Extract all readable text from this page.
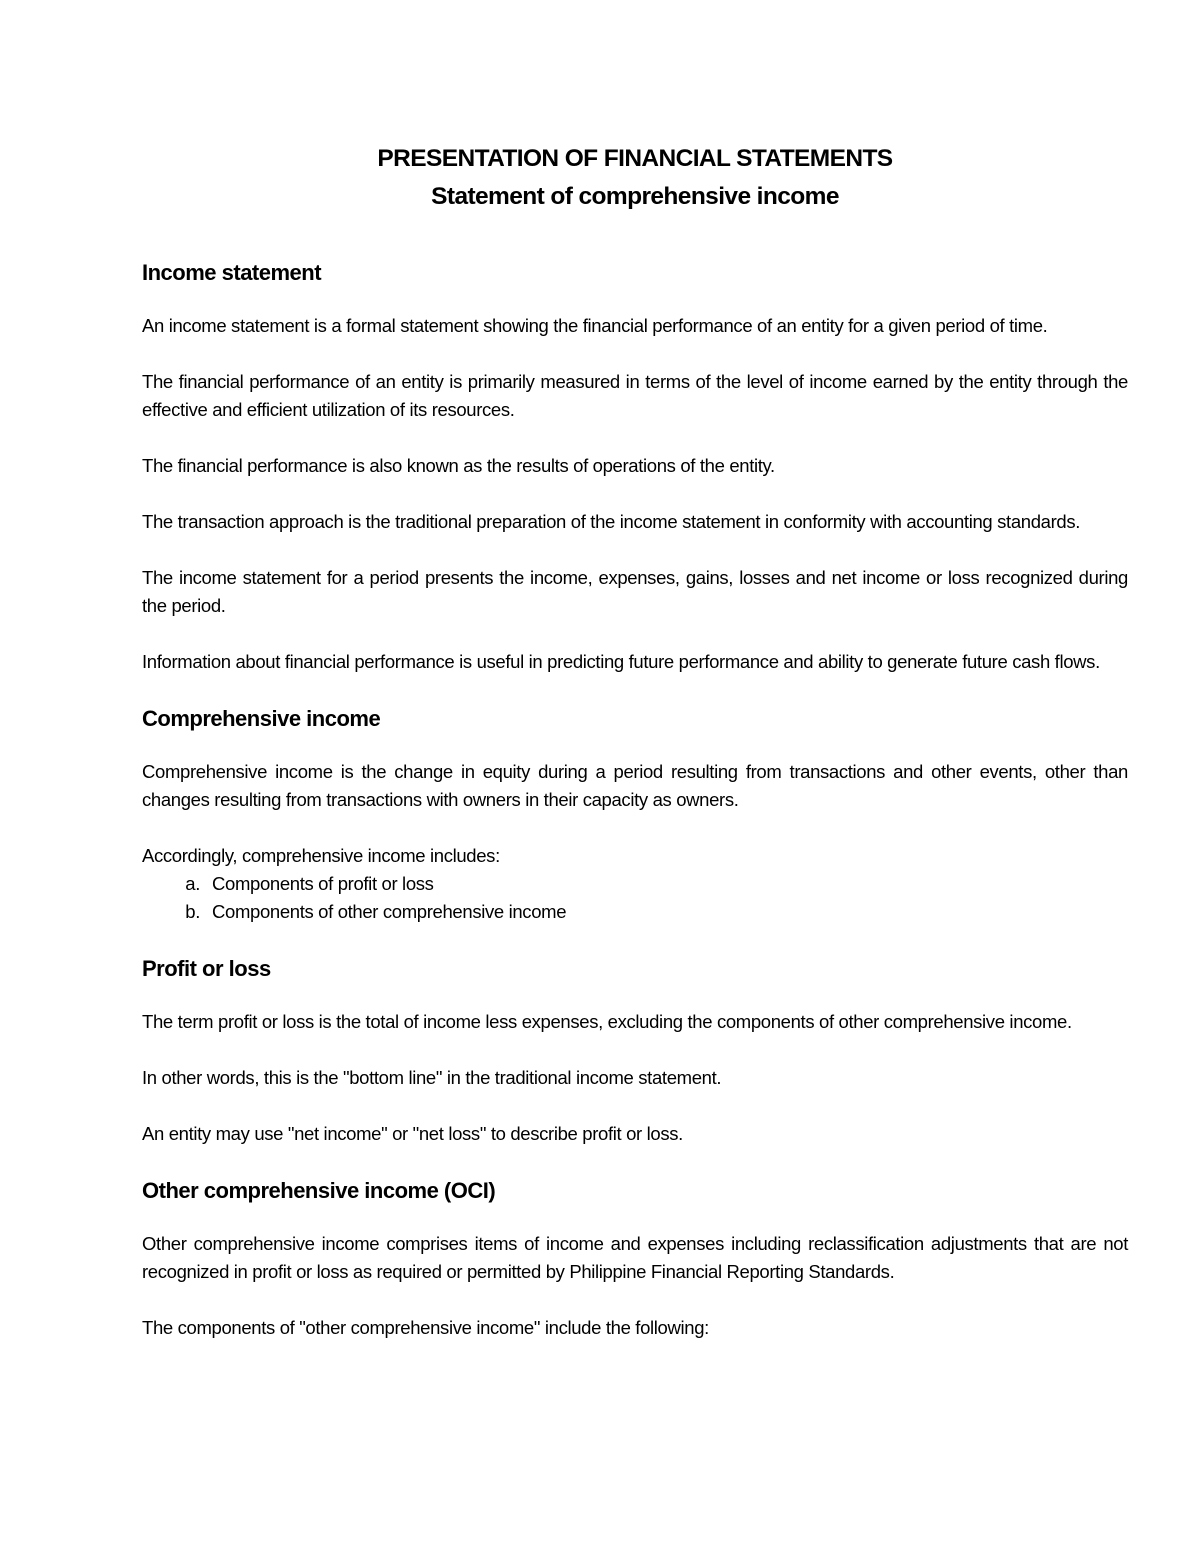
PRESENTATION OF FINANCIAL STATEMENTS
Statement of comprehensive income
Income statement

An income statement is a formal statement showing the financial performance of an entity for a given period of time.

The financial performance of an entity is primarily measured in terms of the level of income earned by the entity through the effective and efficient utilization of its resources.

The financial performance is also known as the results of operations of the entity.

The transaction approach is the traditional preparation of the income statement in conformity with accounting standards.

The income statement for a period presents the income, expenses, gains, losses and net income or loss recognized during the period.

Information about financial performance is useful in predicting future performance and ability to generate future cash flows.

Comprehensive income

Comprehensive income is the change in equity during a period resulting from transactions and other events, other than changes resulting from transactions with owners in their capacity as owners.

Accordingly, comprehensive income includes:

a. Components of profit or loss
b. Components of other comprehensive income
Profit or loss

The term profit or loss is the total of income less expenses, excluding the components of other comprehensive income.

In other words, this is the "bottom line" in the traditional income statement.

An entity may use "net income" or "net loss" to describe profit or loss.

Other comprehensive income (OCI)

Other comprehensive income comprises items of income and expenses including reclassification adjustments that are not recognized in profit or loss as required or permitted by Philippine Financial Reporting Standards.

The components of "other comprehensive income" include the following:
